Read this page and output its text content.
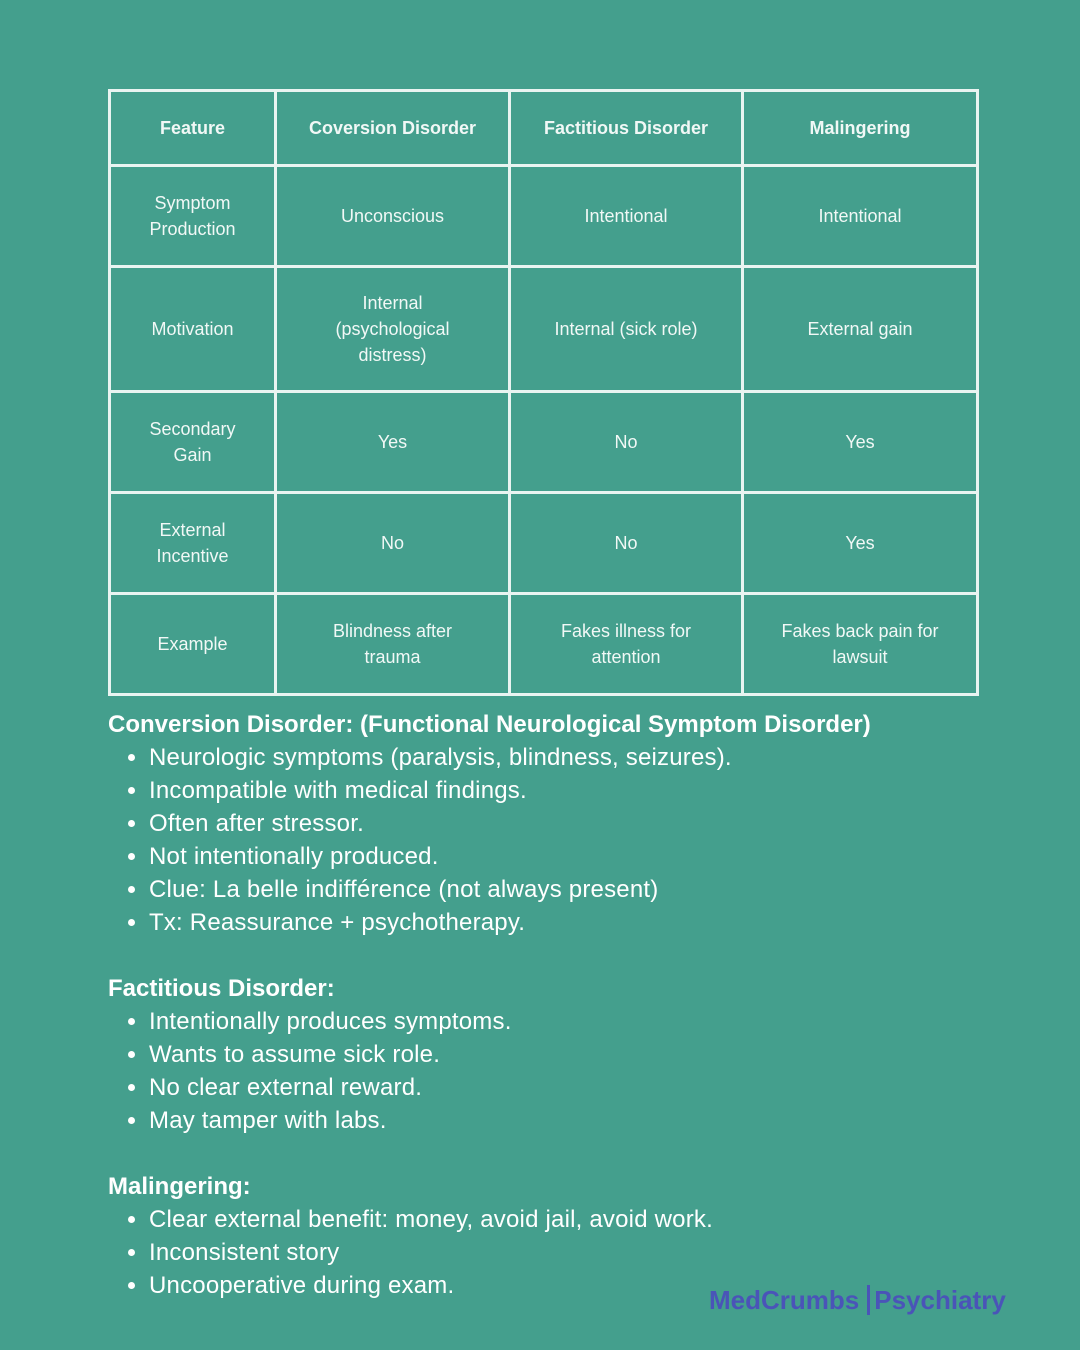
Feature	Coversion Disorder	Factitious Disorder	Malingering
Symptom Production	Unconscious	Intentional	Intentional
Motivation	Internal (psychological distress)	Internal (sick role)	External gain
Secondary Gain	Yes	No	Yes
External Incentive	No	No	Yes
Example	Blindness after trauma	Fakes illness for attention	Fakes back pain for lawsuit
Conversion Disorder: (Functional Neurological Symptom Disorder)
• Neurologic symptoms (paralysis, blindness, seizures).
• Incompatible with medical findings.
• Often after stressor.
• Not intentionally produced.
• Clue: La belle indifférence (not always present)
• Tx: Reassurance + psychotherapy.
Factitious Disorder:
• Intentionally produces symptoms.
• Wants to assume sick role.
• No clear external reward.
• May tamper with labs.
Malingering:
• Clear external benefit: money, avoid jail, avoid work.
• Inconsistent story
• Uncooperative during exam.	MedCrumbs Psychiatry
